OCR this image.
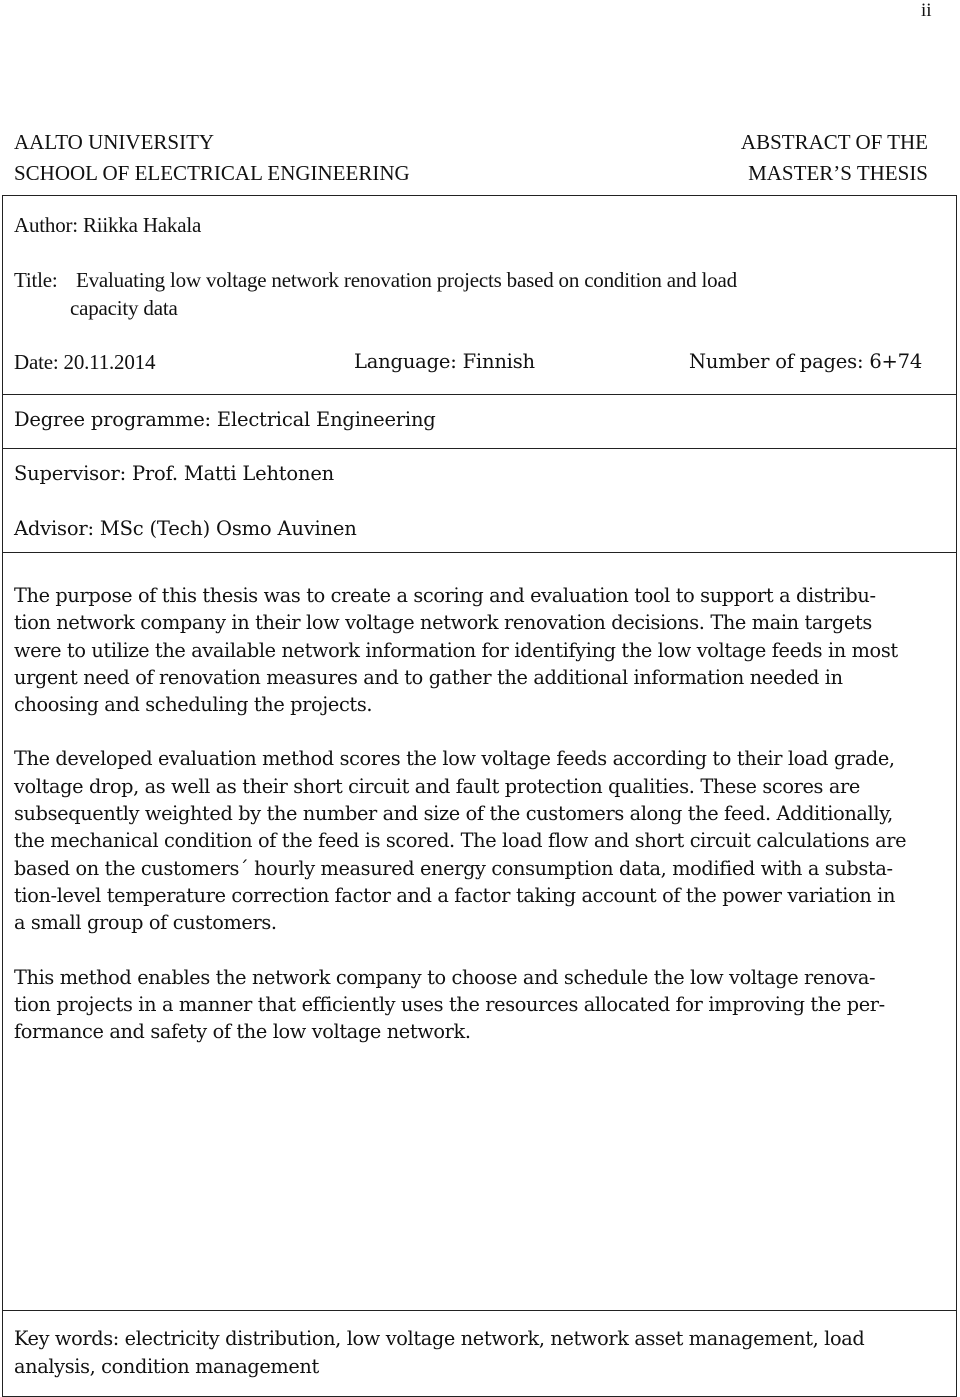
ii
AALTO UNIVERSITY
SCHOOL OF ELECTRICAL ENGINEERING
ABSTRACT OF THE
MASTER’S THESIS
Author: Riikka Hakala
Title: Evaluating low voltage network renovation projects based on condition and load
capacity data
Date: 20.11.2014	Language: Finnish	Number of pages: 6+74
Degree programme: Electrical Engineering
Supervisor: Prof. Matti Lehtonen
Advisor: MSc (Tech) Osmo Auvinen

The purpose of this thesis was to create a scoring and evaluation tool to support a distribu-
tion network company in their low voltage network renovation decisions. The main targets
were to utilize the available network information for identifying the low voltage feeds in most
urgent need of renovation measures and to gather the additional information needed in
choosing and scheduling the projects.

The developed evaluation method scores the low voltage feeds according to their load grade,
voltage drop, as well as their short circuit and fault protection qualities. These scores are
subsequently weighted by the number and size of the customers along the feed. Additionally,
the mechanical condition of the feed is scored. The load flow and short circuit calculations are
based on the customers´ hourly measured energy consumption data, modified with a substa-
tion-level temperature correction factor and a factor taking account of the power variation in
a small group of customers.

This method enables the network company to choose and schedule the low voltage renova-
tion projects in a manner that efficiently uses the resources allocated for improving the per-
formance and safety of the low voltage network.

Key words: electricity distribution, low voltage network, network asset management, load
analysis, condition management
